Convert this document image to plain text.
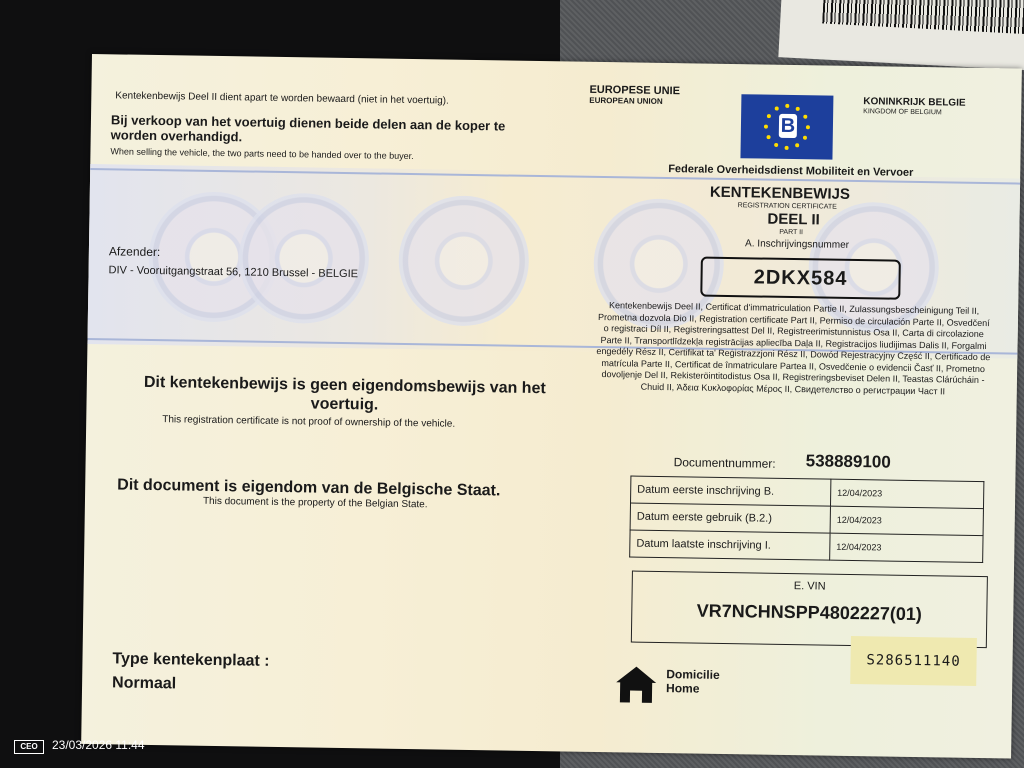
Kentekenbewijs Deel II dient apart te worden bewaard (niet in het voertuig).
Bij verkoop van het voertuig dienen beide delen aan de koper te worden overhandigd.
When selling the vehicle, the two parts need to be handed over to the buyer.
EUROPESE UNIE
EUROPEAN UNION
B
KONINKRIJK BELGIE
KINGDOM OF BELGIUM
Federale Overheidsdienst Mobiliteit en Vervoer
Afzender:
DIV - Vooruitgangstraat 56, 1210 Brussel - BELGIE
KENTEKENBEWIJS
REGISTRATION CERTIFICATE
DEEL II
PART II
A. Inschrijvingsnummer
2DKX584
Kentekenbewijs Deel II, Certificat d'immatriculation Partie II, Zulassungsbescheinigung Teil II, Prometna dozvola Dio II, Registration certificate Part II, Permiso de circulación Parte II, Osvedčení o registraci Díl II, Registreringsattest Del II, Registreerimistunnistus Osa II, Carta di circolazione Parte II, Transportlīdzekļa registrācijas apliecība Daļa II, Registracijos liudijimas Dalis II, Forgalmi engedély Rész II, Certifikat ta' Reġistrazzjoni Rész II, Dowód Rejestracyjny Część II, Certificado de matrícula Parte II, Certificat de înmatriculare Partea II, Osvedčenie o evidencii Časť II, Prometno dovoljenje Del II, Rekisteröintitodistus Osa II, Registreringsbeviset Delen II, Teastas Clárúcháin - Chuid II, Άδεια Κυκλοφορίας Μέρος II, Свидетелство о регистрации Част II
Dit kentekenbewijs is geen eigendomsbewijs van het voertuig.
This registration certificate is not proof of ownership of the vehicle.
Dit document is eigendom van de Belgische Staat.
This document is the property of the Belgian State.
Documentnummer: 538889100
Datum eerste inschrijving B.	12/04/2023
Datum eerste gebruik (B.2.)	12/04/2023
Datum laatste inschrijving I.	12/04/2023
E. VIN
VR7NCHNSPP4802227(01)
S286511140
Type kentekenplaat :
Normaal	Domicilie
Home
CEO	23/03/2026 11:44
